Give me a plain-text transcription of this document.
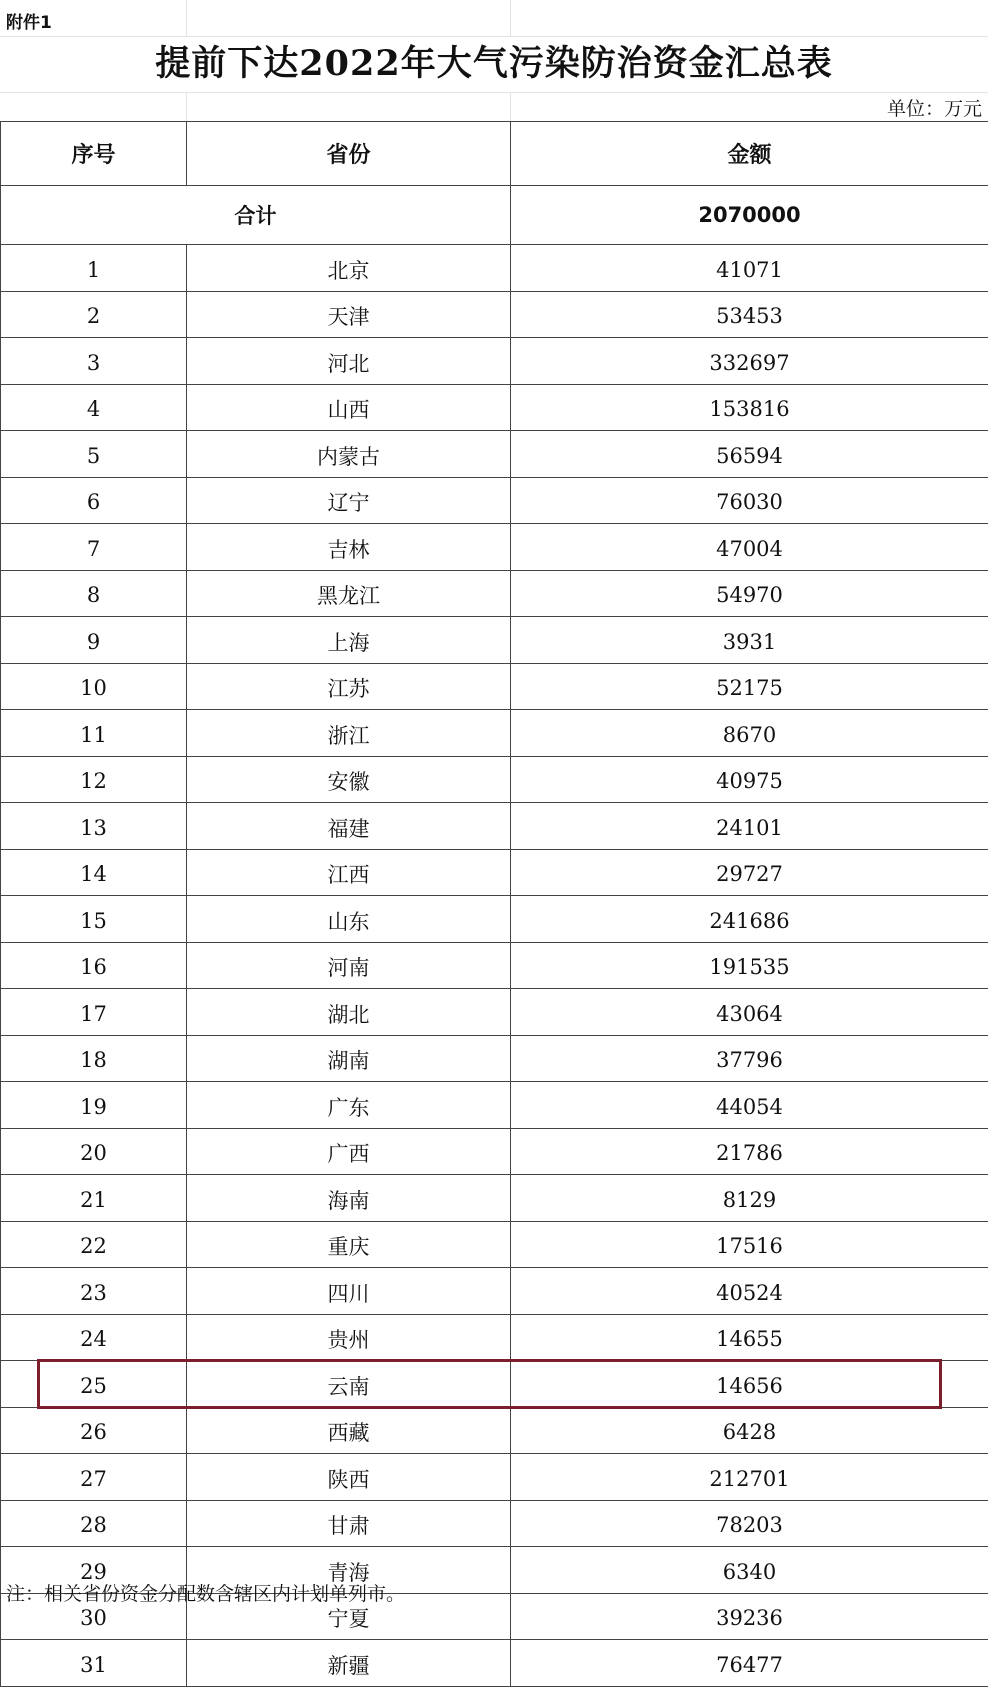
附件1
提前下达2022年大气污染防治资金汇总表
单位：万元
序号	省份	金额
合计		2070000
1	北京	41071
2	天津	53453
3	河北	332697
4	山西	153816
5	内蒙古	56594
6	辽宁	76030
7	吉林	47004
8	黑龙江	54970
9	上海	3931
10	江苏	52175
11	浙江	8670
12	安徽	40975
13	福建	24101
14	江西	29727
15	山东	241686
16	河南	191535
17	湖北	43064
18	湖南	37796
19	广东	44054
20	广西	21786
21	海南	8129
22	重庆	17516
23	四川	40524
24	贵州	14655
25	云南	14656
26	西藏	6428
27	陕西	212701
28	甘肃	78203
29	青海	6340
30	宁夏	39236
31	新疆	76477
注：相关省份资金分配数含辖区内计划单列市。
